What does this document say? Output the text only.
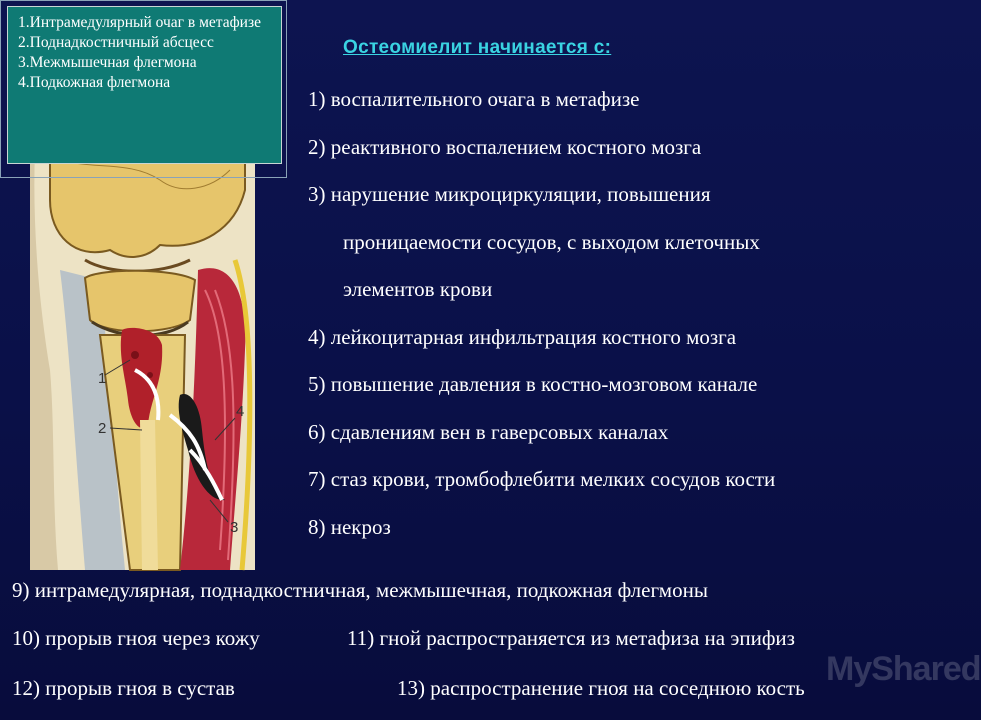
1
2
4
3
1.Интрамедулярный очаг в метафизе
2.Поднадкостничный абсцесс
3.Межмышечная флегмона
4.Подкожная флегмона
Остеомиелит начинается с:
1) воспалительного очага в метафизе
2) реактивного воспалением костного мозга
3) нарушение микроциркуляции, повышения
проницаемости сосудов, с выходом клеточных
элементов крови
4) лейкоцитарная инфильтрация костного мозга
5) повышение давления в костно-мозговом канале
6) сдавлениям вен в гаверсовых каналах
7) стаз крови, тромбофлебити мелких сосудов кости
8) некроз
9) интрамедулярная, поднадкостничная, межмышечная, подкожная флегмоны
10) прорыв гноя через кожу	11) гной распространяется из метафиза на эпифиз
12) прорыв гноя в сустав	13) распространение гноя на соседнюю кость MyShared
